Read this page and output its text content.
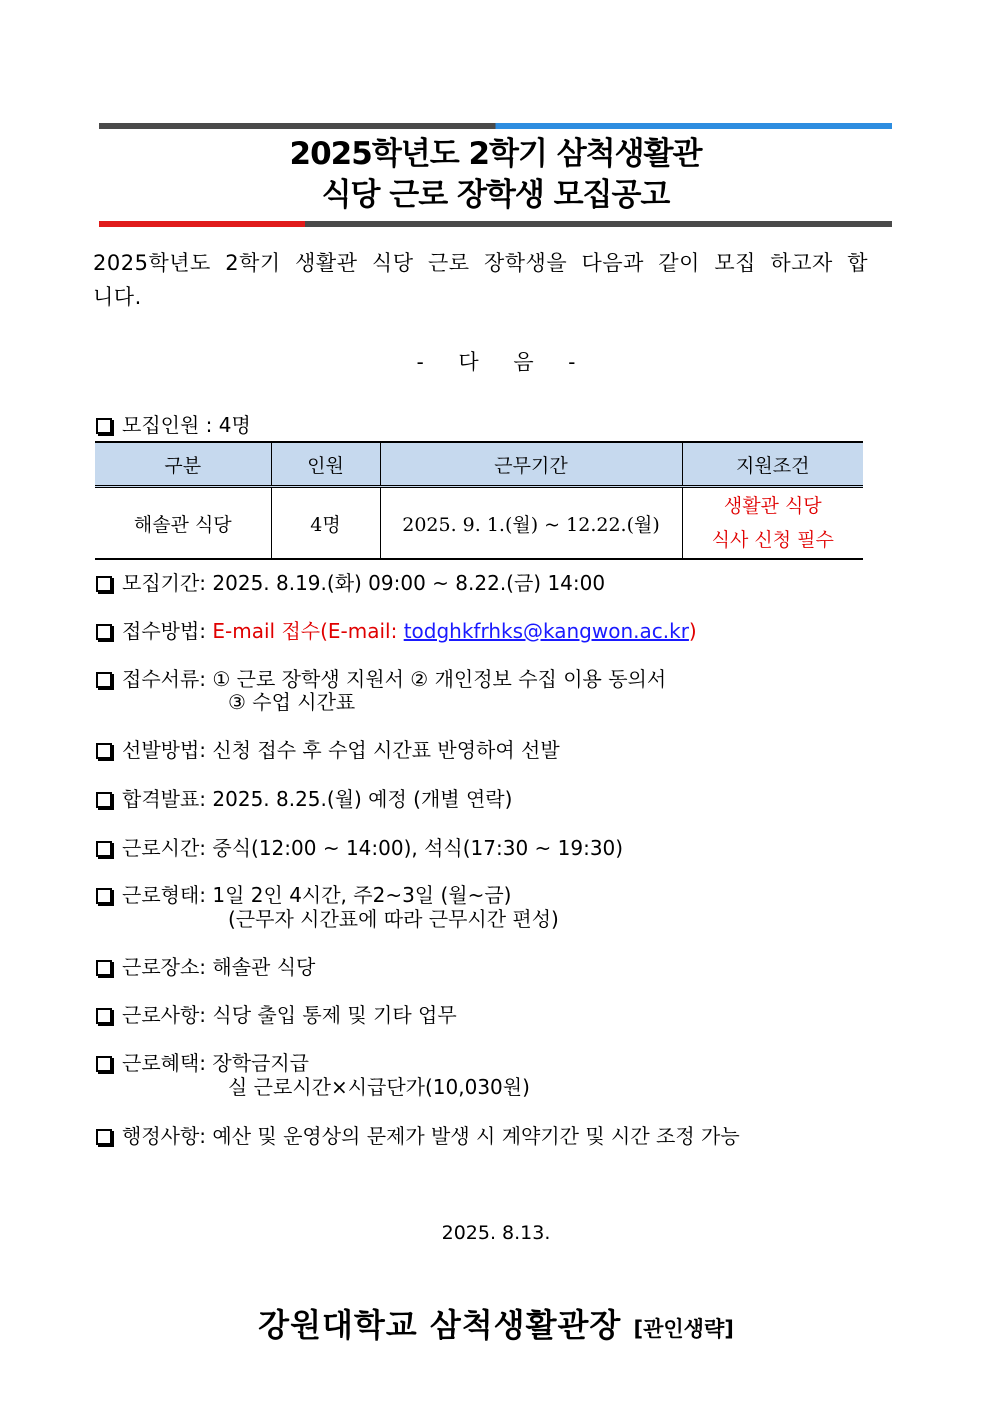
2025학년도 2학기 삼척생활관
식당 근로 장학생 모집공고
2025학년도 2학기 생활관 식당 근로 장학생을 다음과 같이 모집 하고자 합니다.
- 다 음 -
모집인원 : 4명
구분	인원	근무기간	지원조건
해솔관 식당	4명	2025. 9. 1.(월) ~ 12.22.(월)	생활관 식당
식사 신청 필수
모집기간: 2025. 8.19.(화) 09:00 ~ 8.22.(금) 14:00
접수방법: E-mail 접수(E-mail: todghkfrhks@kangwon.ac.kr)
접수서류: ① 근로 장학생 지원서 ② 개인정보 수집 이용 동의서
③ 수업 시간표
선발방법: 신청 접수 후 수업 시간표 반영하여 선발
합격발표: 2025. 8.25.(월) 예정 (개별 연락)
근로시간: 중식(12:00 ~ 14:00), 석식(17:30 ~ 19:30)
근로형태: 1일 2인 4시간, 주2~3일 (월~금)
(근무자 시간표에 따라 근무시간 편성)
근로장소: 해솔관 식당
근로사항: 식당 출입 통제 및 기타 업무
근로혜택: 장학금지급
실 근로시간×시급단가(10,030원)
행정사항: 예산 및 운영상의 문제가 발생 시 계약기간 및 시간 조정 가능
2025. 8.13.
강원대학교 삼척생활관장 [관인생략]
